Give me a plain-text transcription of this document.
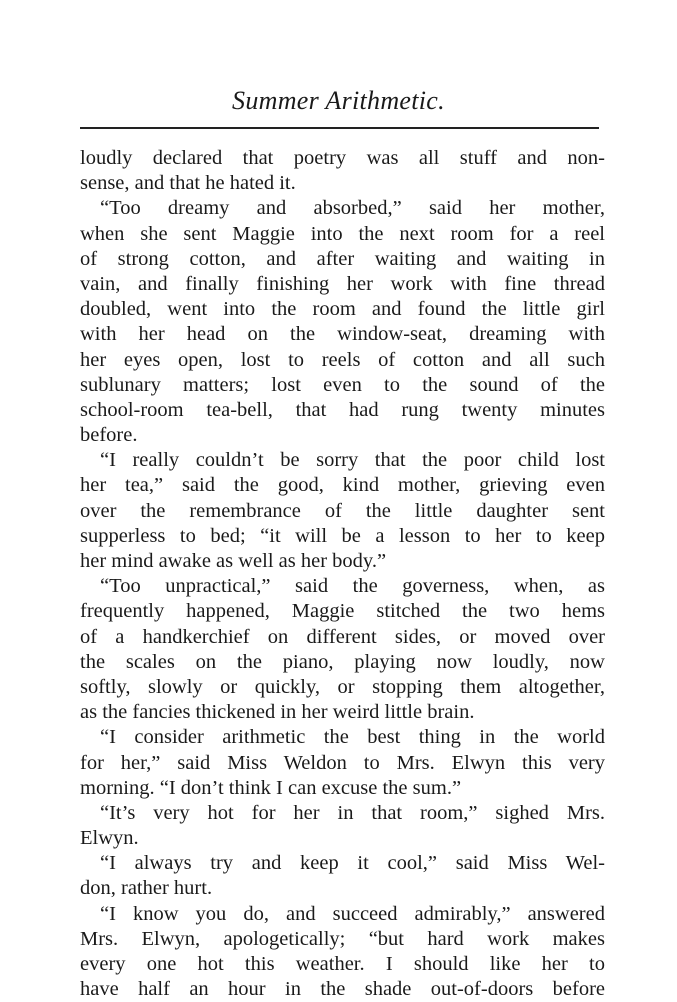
Summer Arithmetic.
loudly declared that poetry was all stuff and non-
sense, and that he hated it.
“Too dreamy and absorbed,” said her mother,
when she sent Maggie into the next room for a reel
of strong cotton, and after waiting and waiting in
vain, and finally finishing her work with fine thread
doubled, went into the room and found the little girl
with her head on the window-seat, dreaming with
her eyes open, lost to reels of cotton and all such
sublunary matters; lost even to the sound of the
school-room tea-bell, that had rung twenty minutes
before.
“I really couldn’t be sorry that the poor child lost
her tea,” said the good, kind mother, grieving even
over the remembrance of the little daughter sent
supperless to bed; “it will be a lesson to her to keep
her mind awake as well as her body.”
“Too unpractical,” said the governess, when, as
frequently happened, Maggie stitched the two hems
of a handkerchief on different sides, or moved over
the scales on the piano, playing now loudly, now
softly, slowly or quickly, or stopping them altogether,
as the fancies thickened in her weird little brain.
“I consider arithmetic the best thing in the world
for her,” said Miss Weldon to Mrs. Elwyn this very
morning. “I don’t think I can excuse the sum.”
“It’s very hot for her in that room,” sighed Mrs.
Elwyn.
“I always try and keep it cool,” said Miss Wel-
don, rather hurt.
“I know you do, and succeed admirably,” answered
Mrs. Elwyn, apologetically; “but hard work makes
every one hot this weather. I should like her to
have half an hour in the shade out-of-doors before
